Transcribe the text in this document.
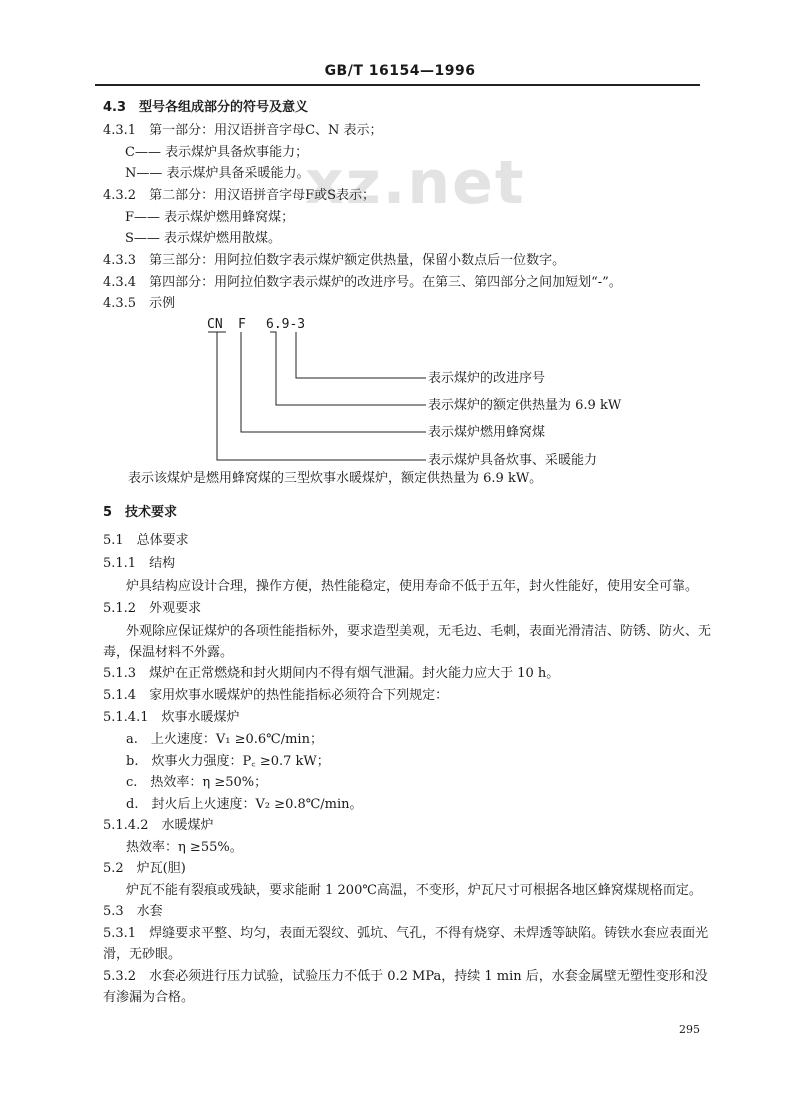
GB/T 16154—1996
xz.net
4.3　型号各组成部分的符号及意义
4.3.1　第一部分：用汉语拼音字母C、N 表示；
C—— 表示煤炉具备炊事能力；
N—— 表示煤炉具备采暖能力。
4.3.2　第二部分：用汉语拼音字母F或S表示；
F—— 表示煤炉燃用蜂窝煤；
S—— 表示煤炉燃用散煤。
4.3.3　第三部分：用阿拉伯数字表示煤炉额定供热量，保留小数点后一位数字。
4.3.4　第四部分：用阿拉伯数字表示煤炉的改进序号。在第三、第四部分之间加短划“-”。
4.3.5　示例
CN F 6.9-3
表示煤炉的改进序号
表示煤炉的额定供热量为 6.9 kW
表示煤炉燃用蜂窝煤
表示煤炉具备炊事、采暖能力
表示该煤炉是燃用蜂窝煤的三型炊事水暖煤炉，额定供热量为 6.9 kW。
5　技术要求
5.1　总体要求
5.1.1　结构
炉具结构应设计合理，操作方便，热性能稳定，使用寿命不低于五年，封火性能好，使用安全可靠。
5.1.2　外观要求
外观除应保证煤炉的各项性能指标外，要求造型美观，无毛边、毛刺，表面光滑清洁、防锈、防火、无
毒，保温材料不外露。
5.1.3　煤炉在正常燃烧和封火期间内不得有烟气泄漏。封火能力应大于 10 h。
5.1.4　家用炊事水暖煤炉的热性能指标必须符合下列规定：
5.1.4.1　炊事水暖煤炉
a.　上火速度：V₁ ≥0.6℃/min；
b.　炊事火力强度：P꜀ ≥0.7 kW；
c.　热效率：η ≥50%；
d.　封火后上火速度：V₂ ≥0.8℃/min。
5.1.4.2　水暖煤炉
热效率：η ≥55%。
5.2　炉瓦(胆)
炉瓦不能有裂痕或残缺，要求能耐 1 200℃高温，不变形，炉瓦尺寸可根据各地区蜂窝煤规格而定。
5.3　水套
5.3.1　焊缝要求平整、均匀，表面无裂纹、弧坑、气孔，不得有烧穿、未焊透等缺陷。铸铁水套应表面光
滑，无砂眼。
5.3.2　水套必须进行压力试验，试验压力不低于 0.2 MPa，持续 1 min 后，水套金属壁无塑性变形和没
有渗漏为合格。
295
